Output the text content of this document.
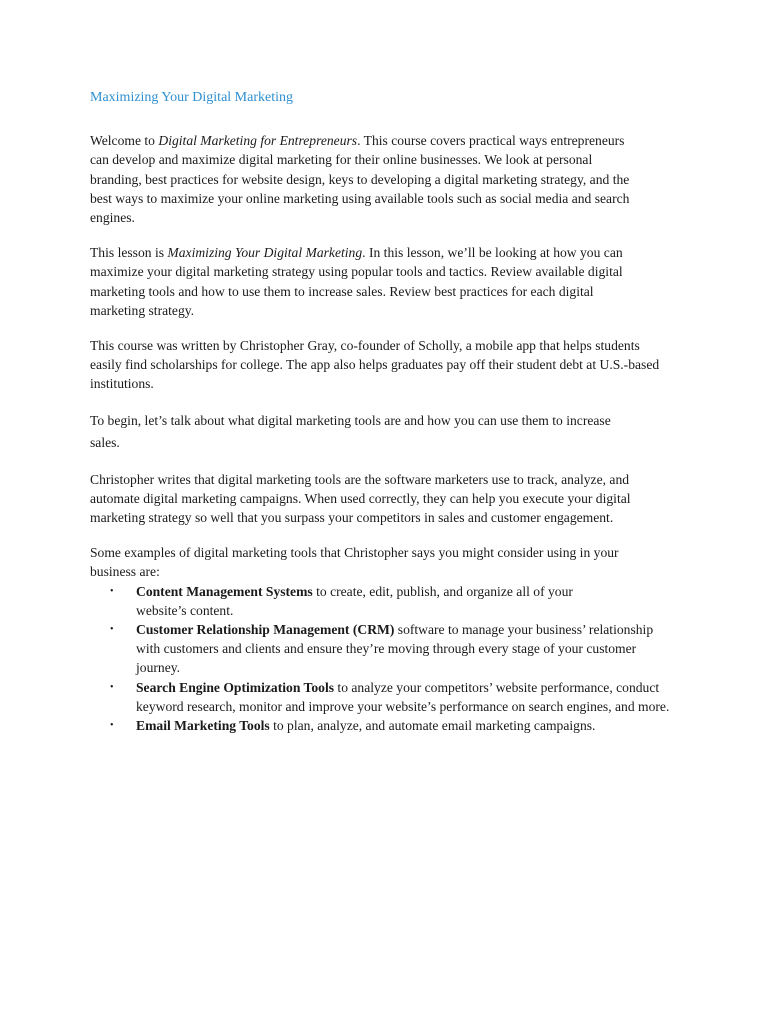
Maximizing Your Digital Marketing

Welcome to Digital Marketing for Entrepreneurs. This course covers practical ways entrepreneurs can develop and maximize digital marketing for their online businesses. We look at personal branding, best practices for website design, keys to developing a digital marketing strategy, and the best ways to maximize your online marketing using available tools such as social media and search engines.

This lesson is Maximizing Your Digital Marketing. In this lesson, we’ll be looking at how you can maximize your digital marketing strategy using popular tools and tactics. Review available digital marketing tools and how to use them to increase sales. Review best practices for each digital marketing strategy.

This course was written by Christopher Gray, co-founder of Scholly, a mobile app that helps students easily find scholarships for college. The app also helps graduates pay off their student debt at U.S.-based institutions.

To begin, let’s talk about what digital marketing tools are and how you can use them to increase sales.

Christopher writes that digital marketing tools are the software marketers use to track, analyze, and automate digital marketing campaigns. When used correctly, they can help you execute your digital marketing strategy so well that you surpass your competitors in sales and customer engagement.

Some examples of digital marketing tools that Christopher says you might consider using in your business are:

• Content Management Systems to create, edit, publish, and organize all of your website’s content.
• Customer Relationship Management (CRM) software to manage your business’ relationship with customers and clients and ensure they’re moving through every stage of your customer journey.
• Search Engine Optimization Tools to analyze your competitors’ website performance, conduct keyword research, monitor and improve your website’s performance on search engines, and more.
• Email Marketing Tools to plan, analyze, and automate email marketing campaigns.
